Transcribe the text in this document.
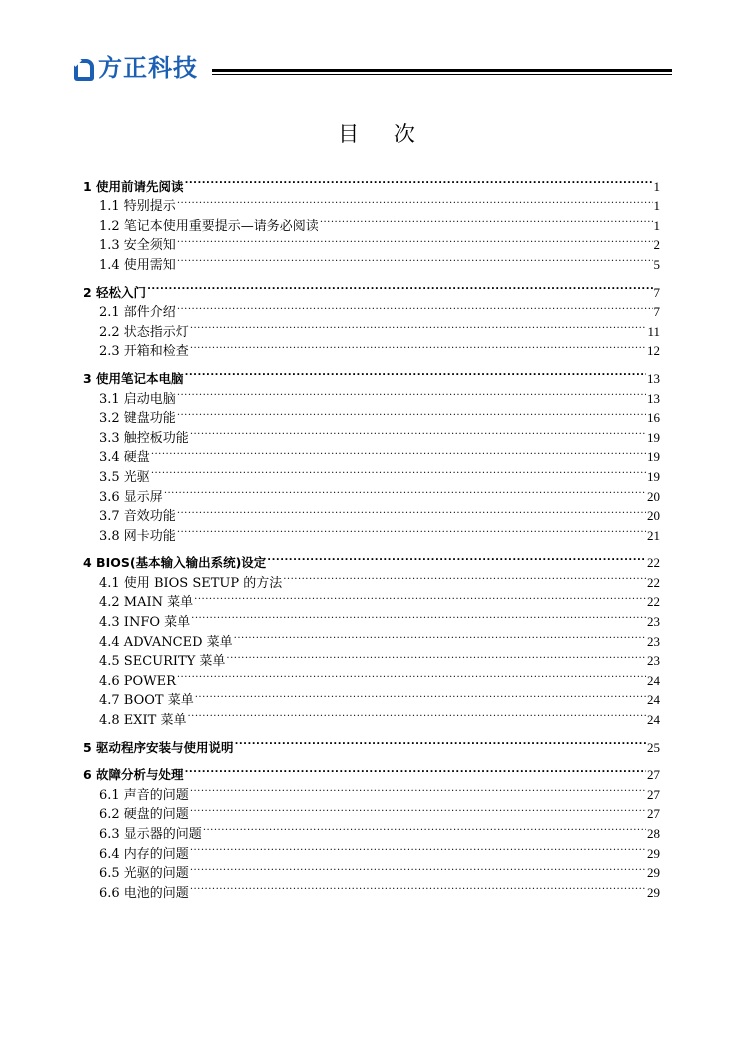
方正科技
目 次
1 使用前请先阅读 .....	1
1.1 特别提示 .....	1
1.2 笔记本使用重要提示—请务必阅读 .....	1
1.3 安全须知 .....	2
1.4 使用需知 .....	5
2 轻松入门 .....	7
2.1 部件介绍 .....	7
2.2 状态指示灯 .....	11
2.3 开箱和检查 .....	12
3 使用笔记本电脑 .....	13
3.1 启动电脑 .....	13
3.2 键盘功能 .....	16
3.3 触控板功能 .....	19
3.4 硬盘 .....	19
3.5 光驱 .....	19
3.6 显示屏 .....	20
3.7 音效功能 .....	20
3.8 网卡功能 .....	21
4 BIOS(基本输入输出系统)设定 .....	22
4.1 使用 BIOS SETUP 的方法 .....	22
4.2 MAIN 菜单 .....	22
4.3 INFO 菜单 .....	23
4.4 ADVANCED 菜单 .....	23
4.5 SECURITY 菜单 .....	23
4.6 POWER .....	24
4.7 BOOT 菜单 .....	24
4.8 EXIT 菜单 .....	24
5 驱动程序安装与使用说明 .....	25
6 故障分析与处理 .....	27
6.1 声音的问题 .....	27
6.2 硬盘的问题 .....	27
6.3 显示器的问题 .....	28
6.4 内存的问题 .....	29
6.5 光驱的问题 .....	29
6.6 电池的问题 .....	29
